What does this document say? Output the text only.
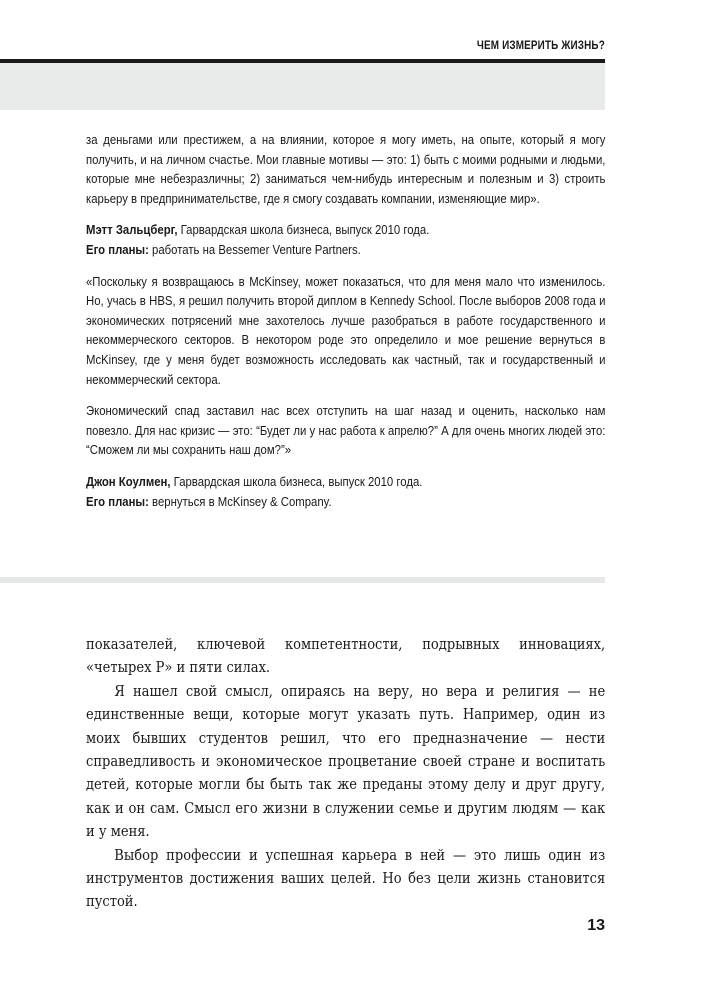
ЧЕМ ИЗМЕРИТЬ ЖИЗНЬ?

за деньгами или престижем, а на влиянии, которое я могу иметь, на опыте, который я могу получить, и на личном счастье. Мои главные мотивы — это: 1) быть с моими родными и людьми, которые мне небезразличны; 2) заниматься чем-нибудь интересным и полезным и 3) строить карьеру в предпринимательстве, где я смогу создавать компании, изменяющие мир».

Мэтт Зальцберг, Гарвардская школа бизнеса, выпуск 2010 года.

Его планы: работать на Bessemer Venture Partners.

«Поскольку я возвращаюсь в McKinsey, может показаться, что для меня мало что изменилось. Но, учась в HBS, я решил получить второй диплом в Kennedy School. После выборов 2008 года и экономических потрясений мне захотелось лучше разобраться в работе государственного и некоммерческого секторов. В некотором роде это определило и мое решение вернуться в McKinsey, где у меня будет возможность исследовать как частный, так и государственный и некоммерческий сектора.

Экономический спад заставил нас всех отступить на шаг назад и оценить, насколько нам повезло. Для нас кризис — это: “Будет ли у нас работа к апрелю?” А для очень многих людей это: “Сможем ли мы сохранить наш дом?”»

Джон Коулмен, Гарвардская школа бизнеса, выпуск 2010 года.

Его планы: вернуться в McKinsey & Company.

показателей, ключевой компетентности, подрывных инновациях, «четырех Р» и пяти силах.

Я нашел свой смысл, опираясь на веру, но вера и религия — не единственные вещи, которые могут указать путь. Например, один из моих бывших студентов решил, что его предназначение — нести справедливость и экономическое процветание своей стране и воспитать детей, которые могли бы быть так же преданы этому делу и друг другу, как и он сам. Смысл его жизни в служении семье и другим людям — как и у меня.

Выбор профессии и успешная карьера в ней — это лишь один из инструментов достижения ваших целей. Но без цели жизнь становится пустой.

13
